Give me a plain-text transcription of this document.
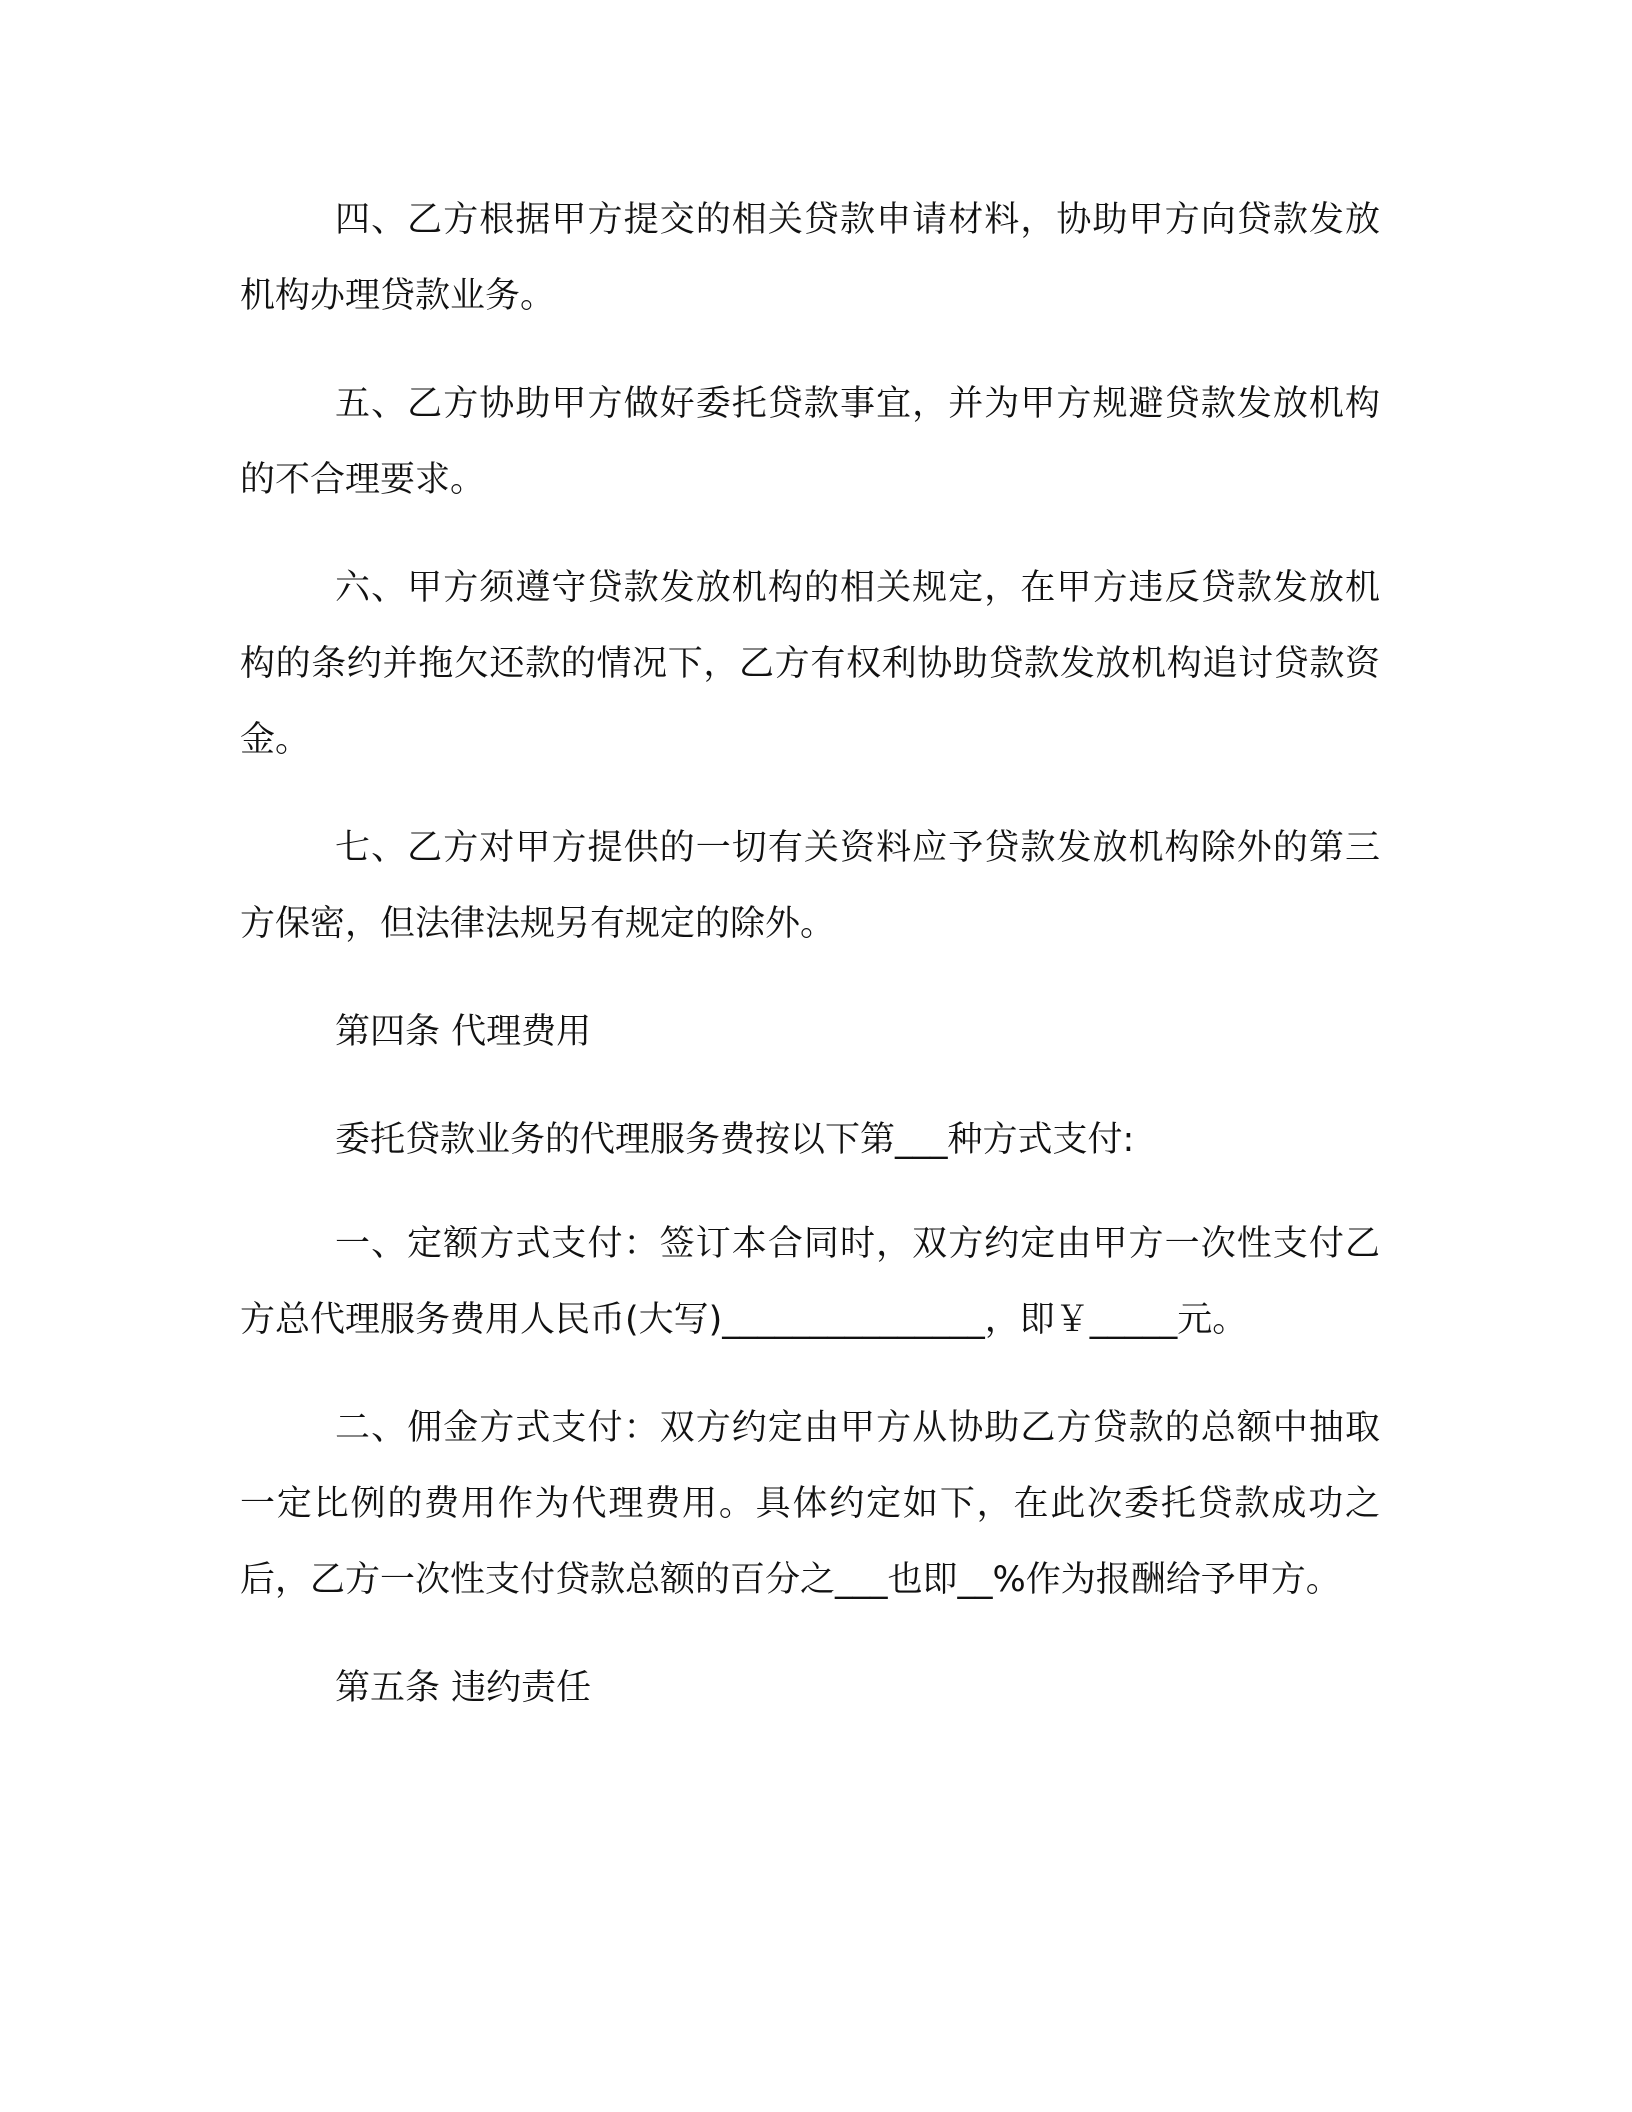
四、乙方根据甲方提交的相关贷款申请材料，协助甲方向贷款发放机构办理贷款业务。

五、乙方协助甲方做好委托贷款事宜，并为甲方规避贷款发放机构的不合理要求。

六、甲方须遵守贷款发放机构的相关规定，在甲方违反贷款发放机构的条约并拖欠还款的情况下，乙方有权利协助贷款发放机构追讨贷款资金。

七、乙方对甲方提供的一切有关资料应予贷款发放机构除外的第三方保密，但法律法规另有规定的除外。

第四条 代理费用

委托贷款业务的代理服务费按以下第___种方式支付:

一、定额方式支付：签订本合同时，双方约定由甲方一次性支付乙方总代理服务费用人民币(大写)_______________，即￥_____元。

二、佣金方式支付：双方约定由甲方从协助乙方贷款的总额中抽取一定比例的费用作为代理费用。具体约定如下，在此次委托贷款成功之后，乙方一次性支付贷款总额的百分之___也即__%作为报酬给予甲方。

第五条 违约责任
